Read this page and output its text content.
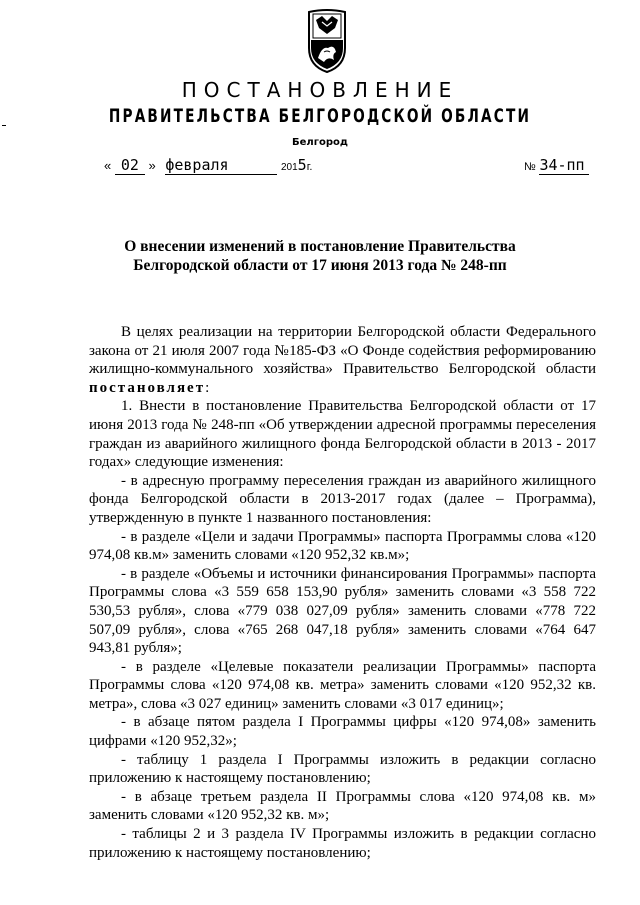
ПОСТАНОВЛЕНИЕ
ПРАВИТЕЛЬСТВА БЕЛГОРОДСКОЙ ОБЛАСТИ
Белгород
« 02 » февраля	2015г.	№ 34-пп
О внесении изменений в постановление Правительства
Белгородской области от 17 июня 2013 года № 248-пп

В целях реализации на территории Белгородской области Федерального закона от 21 июля 2007 года №185-ФЗ «О Фонде содействия реформированию жилищно-коммунального хозяйства» Правительство Белгородской области постановляет:

1. Внести в постановление Правительства Белгородской области от 17 июня 2013 года № 248-пп «Об утверждении адресной программы переселения граждан из аварийного жилищного фонда Белгородской области в 2013 - 2017 годах» следующие изменения:

- в адресную программу переселения граждан из аварийного жилищного фонда Белгородской области в 2013-2017 годах (далее – Программа), утвержденную в пункте 1 названного постановления:

- в разделе «Цели и задачи Программы» паспорта Программы слова «120 974,08 кв.м» заменить словами «120 952,32 кв.м»;

- в разделе «Объемы и источники финансирования Программы» паспорта Программы слова «3 559 658 153,90 рубля» заменить словами «3 558 722 530,53 рубля», слова «779 038 027,09 рубля» заменить словами «778 722 507,09 рубля», слова «765 268 047,18 рубля» заменить словами «764 647 943,81 рубля»;

- в разделе «Целевые показатели реализации Программы» паспорта Программы слова «120 974,08 кв. метра» заменить словами «120 952,32 кв. метра», слова «3 027 единиц» заменить словами «3 017 единиц»;

- в абзаце пятом раздела I Программы цифры «120 974,08» заменить цифрами «120 952,32»;

- таблицу 1 раздела I Программы изложить в редакции согласно приложению к настоящему постановлению;

- в абзаце третьем раздела II Программы слова «120 974,08 кв. м» заменить словами «120 952,32 кв. м»;

- таблицы 2 и 3 раздела IV Программы изложить в редакции согласно приложению к настоящему постановлению;
